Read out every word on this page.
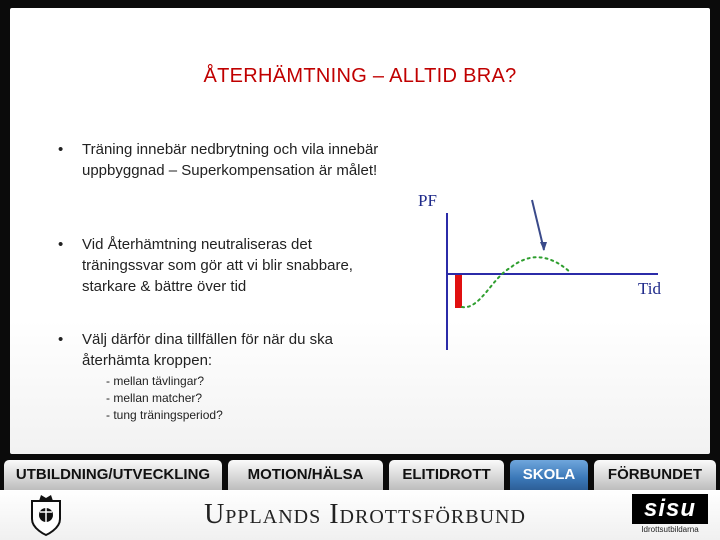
ÅTERHÄMTNING – ALLTID BRA?
• Träning innebär nedbrytning och vila innebär uppbyggnad – Superkompensation är målet!
• Vid Återhämtning neutraliseras det träningssvar som gör att vi blir snabbare, starkare & bättre över tid
• Välj därför dina tillfällen för när du ska återhämta kroppen:
- mellan tävlingar?
- mellan matcher?
- tung träningsperiod?
PF
Tid
UTBILDNING/UTVECKLING	MOTION/HÄLSA	ELITIDROTT	SKOLA	FÖRBUNDET
Upplands Idrottsförbund	sisu
Idrottsutbildarna
